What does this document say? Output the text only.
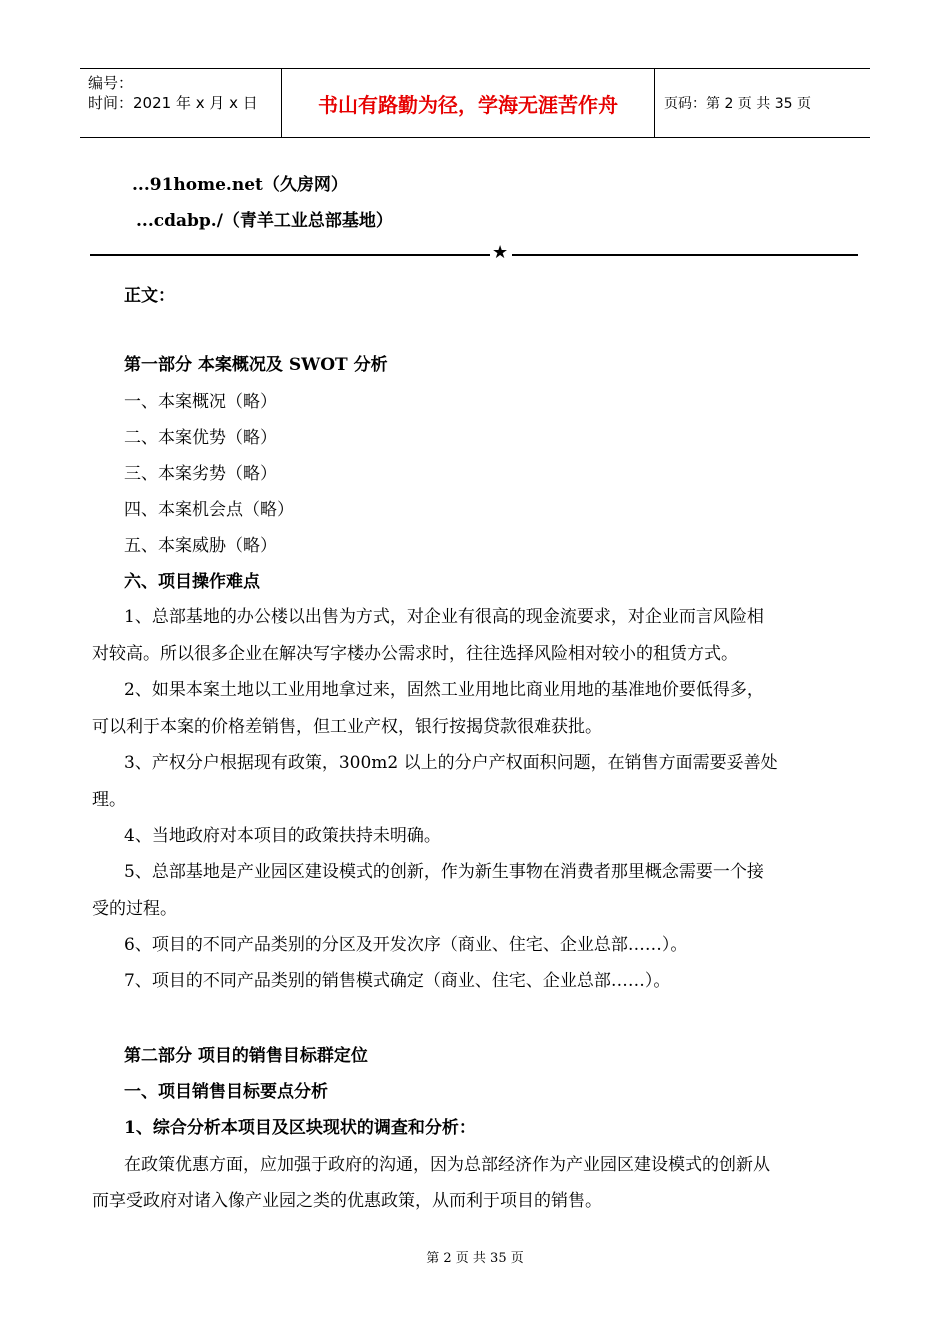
编号：
时间：2021 年 x 月 x 日	书山有路勤为径，学海无涯苦作舟	页码：第 2 页 共 35 页
...91home.net（久房网）
...cdabp./（青羊工业总部基地）
★
正文：
第一部分 本案概况及 SWOT 分析
一、本案概况（略）
二、本案优势（略）
三、本案劣势（略）
四、本案机会点（略）
五、本案威胁（略）
六、项目操作难点
1、总部基地的办公楼以出售为方式，对企业有很高的现金流要求，对企业而言风险相
对较高。所以很多企业在解决写字楼办公需求时，往往选择风险相对较小的租赁方式。
2、如果本案土地以工业用地拿过来，固然工业用地比商业用地的基准地价要低得多，
可以利于本案的价格差销售，但工业产权，银行按揭贷款很难获批。
3、产权分户根据现有政策，300m2 以上的分户产权面积问题，在销售方面需要妥善处
理。
4、当地政府对本项目的政策扶持未明确。
5、总部基地是产业园区建设模式的创新，作为新生事物在消费者那里概念需要一个接
受的过程。
6、项目的不同产品类别的分区及开发次序（商业、住宅、企业总部……）。
7、项目的不同产品类别的销售模式确定（商业、住宅、企业总部……）。
第二部分 项目的销售目标群定位
一、项目销售目标要点分析
1、综合分析本项目及区块现状的调查和分析：
在政策优惠方面，应加强于政府的沟通，因为总部经济作为产业园区建设模式的创新从
而享受政府对诸入像产业园之类的优惠政策，从而利于项目的销售。
第 2 页 共 35 页
